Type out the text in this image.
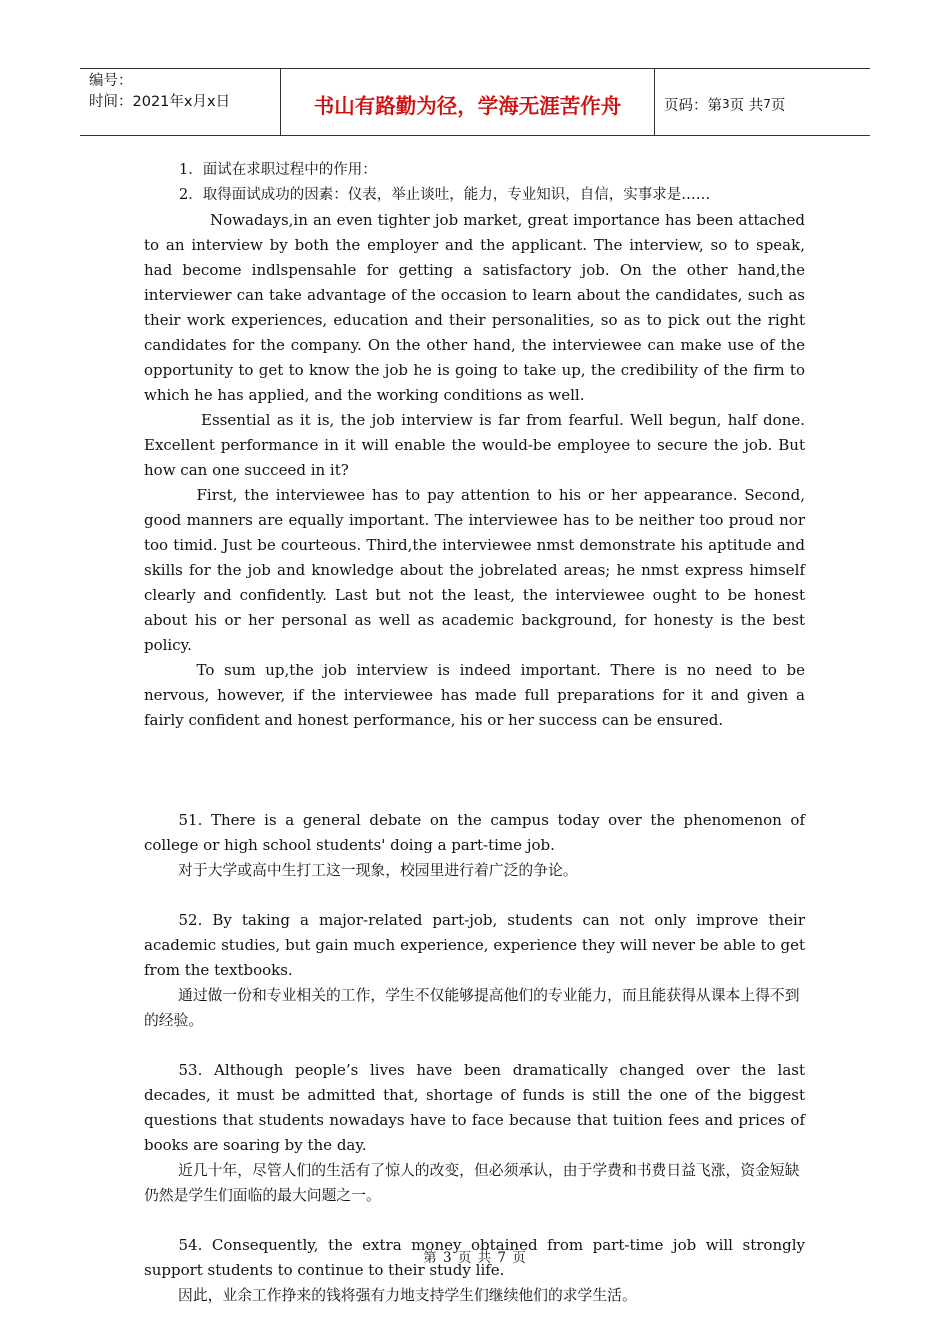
编号：
时间：2021年x月x日	书山有路勤为径，学海无涯苦作舟	页码：第 3 页 共 7 页
1．面试在求职过程中的作用：
2．取得面试成功的因素：仪表，举止谈吐，能力，专业知识，自信，实事求是……

Nowadays,in an even tighter job market, great importance has been attached to an interview by both the employer and the applicant. The interview, so to speak, had become indlspensahle for getting a satisfactory job. On the other hand,the interviewer can take advantage of the occasion to learn about the candidates, such as their work experiences, education and their personalities, so as to pick out the right candidates for the company. On the other hand, the interviewee can make use of the opportunity to get to know the job he is going to take up, the credibility of the firm to which he has applied, and the working conditions as well.

Essential as it is, the job interview is far from fearful. Well begun, half done. Excellent performance in it will enable the would-be employee to secure the job. But how can one succeed in it?

First, the interviewee has to pay attention to his or her appearance. Second, good manners are equally important. The interviewee has to be neither too proud nor too timid. Just be courteous. Third,the interviewee nmst demonstrate his aptitude and skills for the job and knowledge about the jobrelated areas; he nmst express himself clearly and confidently. Last but not the least, the interviewee ought to be honest about his or her personal as well as academic background, for honesty is the best policy.

To sum up,the job interview is indeed important. There is no need to be nervous, however, if the interviewee has made full preparations for it and given a fairly confident and honest performance, his or her success can be ensured.

51. There is a general debate on the campus today over the phenomenon of college or high school students' doing a part-time job.

对于大学或高中生打工这一现象，校园里进行着广泛的争论。

52. By taking a major-related part-job, students can not only improve their academic studies, but gain much experience, experience they will never be able to get from the textbooks.

通过做一份和专业相关的工作，学生不仅能够提高他们的专业能力，而且能获得从课本上得不到的经验。

53. Although people’s lives have been dramatically changed over the last decades, it must be admitted that, shortage of funds is still the one of the biggest questions that students nowadays have to face because that tuition fees and prices of books are soaring by the day.

近几十年，尽管人们的生活有了惊人的改变，但必须承认，由于学费和书费日益飞涨，资金短缺仍然是学生们面临的最大问题之一。

54. Consequently, the extra money obtained from part-time job will strongly support students to continue to their study life.

因此，业余工作挣来的钱将强有力地支持学生们继续他们的求学生活。
第 3 页 共 7 页
